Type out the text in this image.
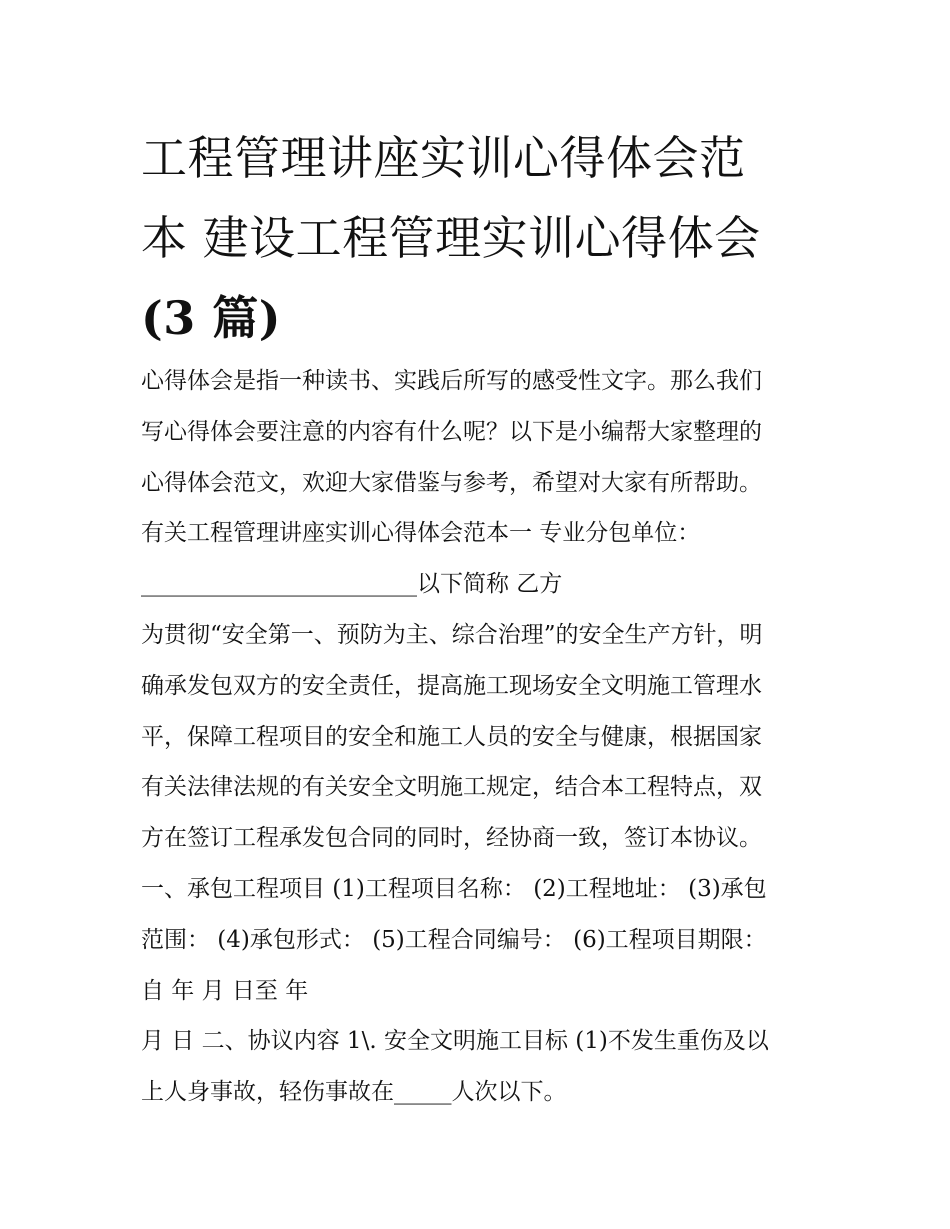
工程管理讲座实训心得体会范
本 建设工程管理实训心得体会
(3 篇)
心得体会是指一种读书、实践后所写的感受性文字。那么我们
写心得体会要注意的内容有什么呢？以下是小编帮大家整理的
心得体会范文，欢迎大家借鉴与参考，希望对大家有所帮助。
有关工程管理讲座实训心得体会范本一 专业分包单位：
________________________以下简称 乙方
为贯彻“安全第一、预防为主、综合治理”的安全生产方针，明
确承发包双方的安全责任，提高施工现场安全文明施工管理水
平，保障工程项目的安全和施工人员的安全与健康，根据国家
有关法律法规的有关安全文明施工规定，结合本工程特点，双
方在签订工程承发包合同的同时，经协商一致，签订本协议。
一、承包工程项目 (1)工程项目名称： (2)工程地址： (3)承包
范围： (4)承包形式： (5)工程合同编号： (6)工程项目期限：
自 年 月 日至 年
月 日 二、协议内容 1\. 安全文明施工目标 (1)不发生重伤及以
上人身事故，轻伤事故在_____人次以下。
